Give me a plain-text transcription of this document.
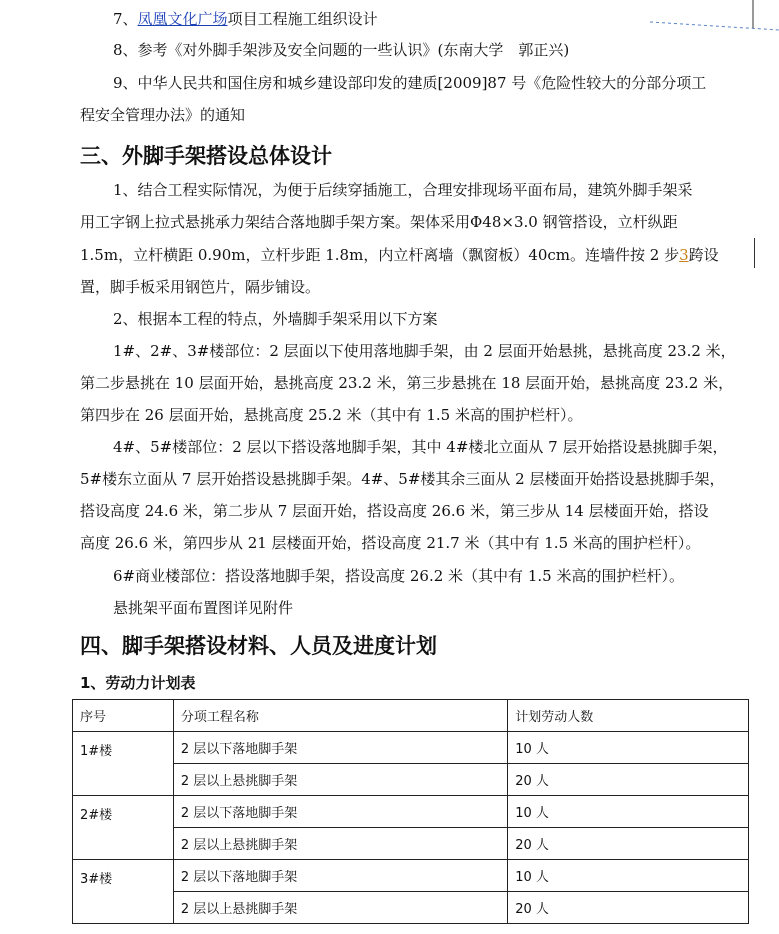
7、凤凰文化广场项目工程施工组织设计
8、参考《对外脚手架涉及安全问题的一些认识》(东南大学　郭正兴)
9、中华人民共和国住房和城乡建设部印发的建质[2009]87 号《危险性较大的分部分项工
程安全管理办法》的通知
三、外脚手架搭设总体设计
1、结合工程实际情况，为便于后续穿插施工，合理安排现场平面布局，建筑外脚手架采
用工字钢上拉式悬挑承力架结合落地脚手架方案。架体采用Φ48×3.0 钢管搭设，立杆纵距
1.5m，立杆横距 0.90m，立杆步距 1.8m，内立杆离墙（飘窗板）40cm。连墙件按 2 步3跨设
置，脚手板采用钢笆片，隔步铺设。
2、根据本工程的特点，外墙脚手架采用以下方案
1#、2#、3#楼部位：2 层面以下使用落地脚手架，由 2 层面开始悬挑，悬挑高度 23.2 米，
第二步悬挑在 10 层面开始，悬挑高度 23.2 米，第三步悬挑在 18 层面开始，悬挑高度 23.2 米，
第四步在 26 层面开始，悬挑高度 25.2 米（其中有 1.5 米高的围护栏杆）。
4#、5#楼部位：2 层以下搭设落地脚手架，其中 4#楼北立面从 7 层开始搭设悬挑脚手架，
5#楼东立面从 7 层开始搭设悬挑脚手架。4#、5#楼其余三面从 2 层楼面开始搭设悬挑脚手架，
搭设高度 24.6 米，第二步从 7 层面开始，搭设高度 26.6 米，第三步从 14 层楼面开始，搭设
高度 26.6 米，第四步从 21 层楼面开始，搭设高度 21.7 米（其中有 1.5 米高的围护栏杆）。
6#商业楼部位：搭设落地脚手架，搭设高度 26.2 米（其中有 1.5 米高的围护栏杆）。
悬挑架平面布置图详见附件
四、脚手架搭设材料、人员及进度计划
1、劳动力计划表
序号	分项工程名称	计划劳动人数
1#楼	2 层以下落地脚手架	10 人
	2 层以上悬挑脚手架	20 人
2#楼	2 层以下落地脚手架	10 人
	2 层以上悬挑脚手架	20 人
3#楼	2 层以下落地脚手架	10 人
	2 层以上悬挑脚手架	20 人
